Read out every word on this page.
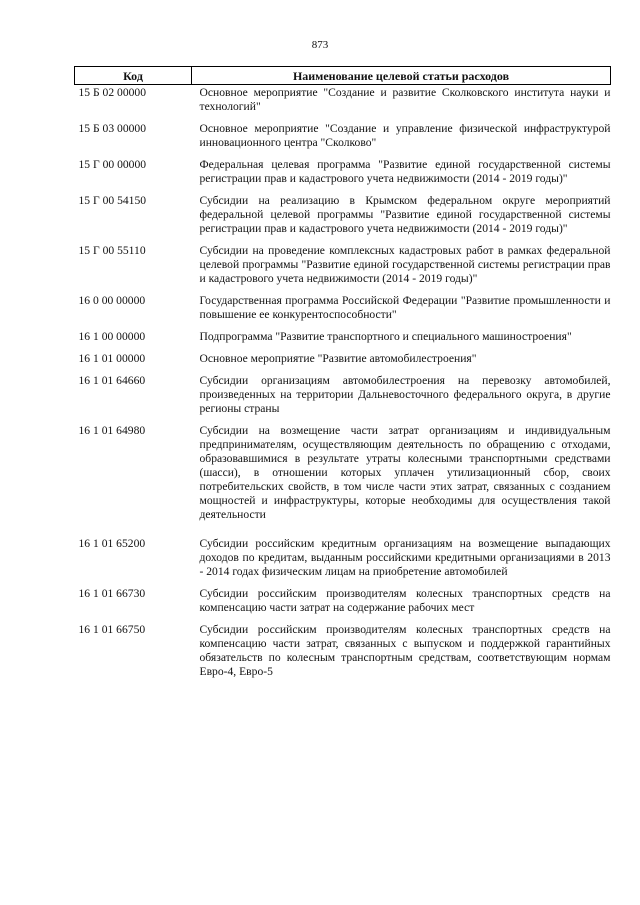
873
Код	Наименование целевой статьи расходов
15 Б 02 00000	Основное мероприятие "Создание и развитие Сколковского института науки и технологий"
15 Б 03 00000	Основное мероприятие "Создание и управление физической инфраструктурой инновационного центра "Сколково"
15 Г 00 00000	Федеральная целевая программа "Развитие единой государственной системы регистрации прав и кадастрового учета недвижимости (2014 - 2019 годы)"
15 Г 00 54150	Субсидии на реализацию в Крымском федеральном округе мероприятий федеральной целевой программы "Развитие единой государственной системы регистрации прав и кадастрового учета недвижимости (2014 - 2019 годы)"
15 Г 00 55110	Субсидии на проведение комплексных кадастровых работ в рамках федеральной целевой программы "Развитие единой государственной системы регистрации прав и кадастрового учета недвижимости (2014 - 2019 годы)"
16 0 00 00000	Государственная программа Российской Федерации "Развитие промышленности и повышение ее конкурентоспособности"
16 1 00 00000	Подпрограмма "Развитие транспортного и специального машиностроения"
16 1 01 00000	Основное мероприятие "Развитие автомобилестроения"
16 1 01 64660	Субсидии организациям автомобилестроения на перевозку автомобилей, произведенных на территории Дальневосточного федерального округа, в другие регионы страны
16 1 01 64980	Субсидии на возмещение части затрат организациям и индивидуальным предпринимателям, осуществляющим деятельность по обращению с отходами, образовавшимися в результате утраты колесными транспортными средствами (шасси), в отношении которых уплачен утилизационный сбор, своих потребительских свойств, в том числе части этих затрат, связанных с созданием мощностей и инфраструктуры, которые необходимы для осуществления такой деятельности
16 1 01 65200	Субсидии российским кредитным организациям на возмещение выпадающих доходов по кредитам, выданным российскими кредитными организациями в 2013 - 2014 годах физическим лицам на приобретение автомобилей
16 1 01 66730	Субсидии российским производителям колесных транспортных средств на компенсацию части затрат на содержание рабочих мест
16 1 01 66750	Субсидии российским производителям колесных транспортных средств на компенсацию части затрат, связанных с выпуском и поддержкой гарантийных обязательств по колесным транспортным средствам, соответствующим нормам Евро-4, Евро-5
